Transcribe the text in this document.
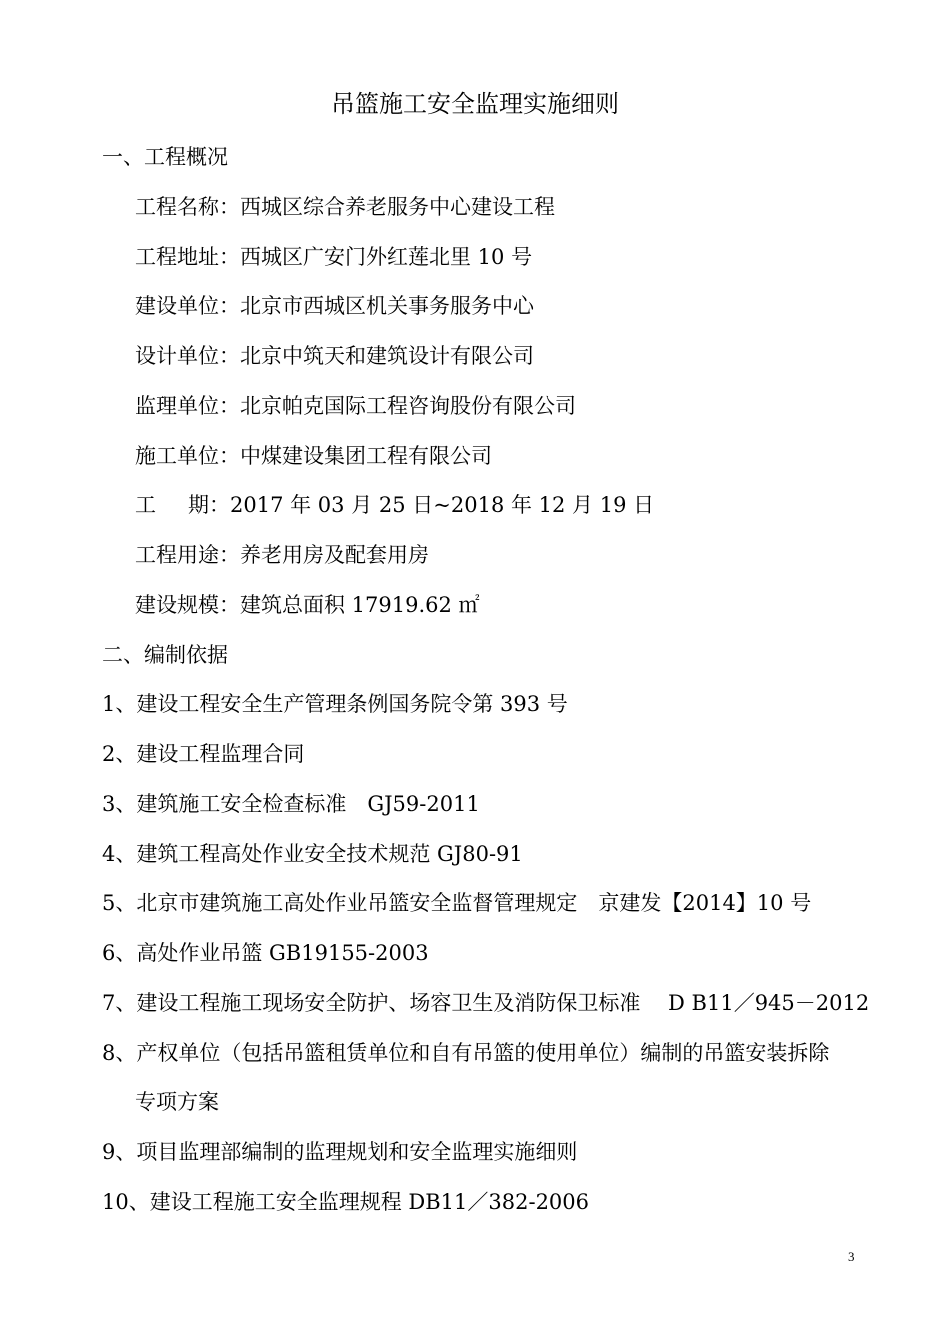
吊篮施工安全监理实施细则
一、工程概况
工程名称：西城区综合养老服务中心建设工程
工程地址：西城区广安门外红莲北里 10 号
建设单位：北京市西城区机关事务服务中心
设计单位：北京中筑天和建筑设计有限公司
监理单位：北京帕克国际工程咨询股份有限公司
施工单位：中煤建设集团工程有限公司
工 期：2017 年 03 月 25 日~2018 年 12 月 19 日
工程用途：养老用房及配套用房
建设规模：建筑总面积 17919.62 ㎡
二、编制依据
1、建设工程安全生产管理条例国务院令第 393 号
2、建设工程监理合同
3、建筑施工安全检查标准　GJ59-2011
4、建筑工程高处作业安全技术规范 GJ80-91
5、北京市建筑施工高处作业吊篮安全监督管理规定　京建发【2014】10 号
6、高处作业吊篮 GB19155-2003
7、建设工程施工现场安全防护、场容卫生及消防保卫标准　 D B11／945－2012
8、产权单位（包括吊篮租赁单位和自有吊篮的使用单位）编制的吊篮安装拆除
专项方案
9、项目监理部编制的监理规划和安全监理实施细则
10、建设工程施工安全监理规程 DB11／382-2006
3
